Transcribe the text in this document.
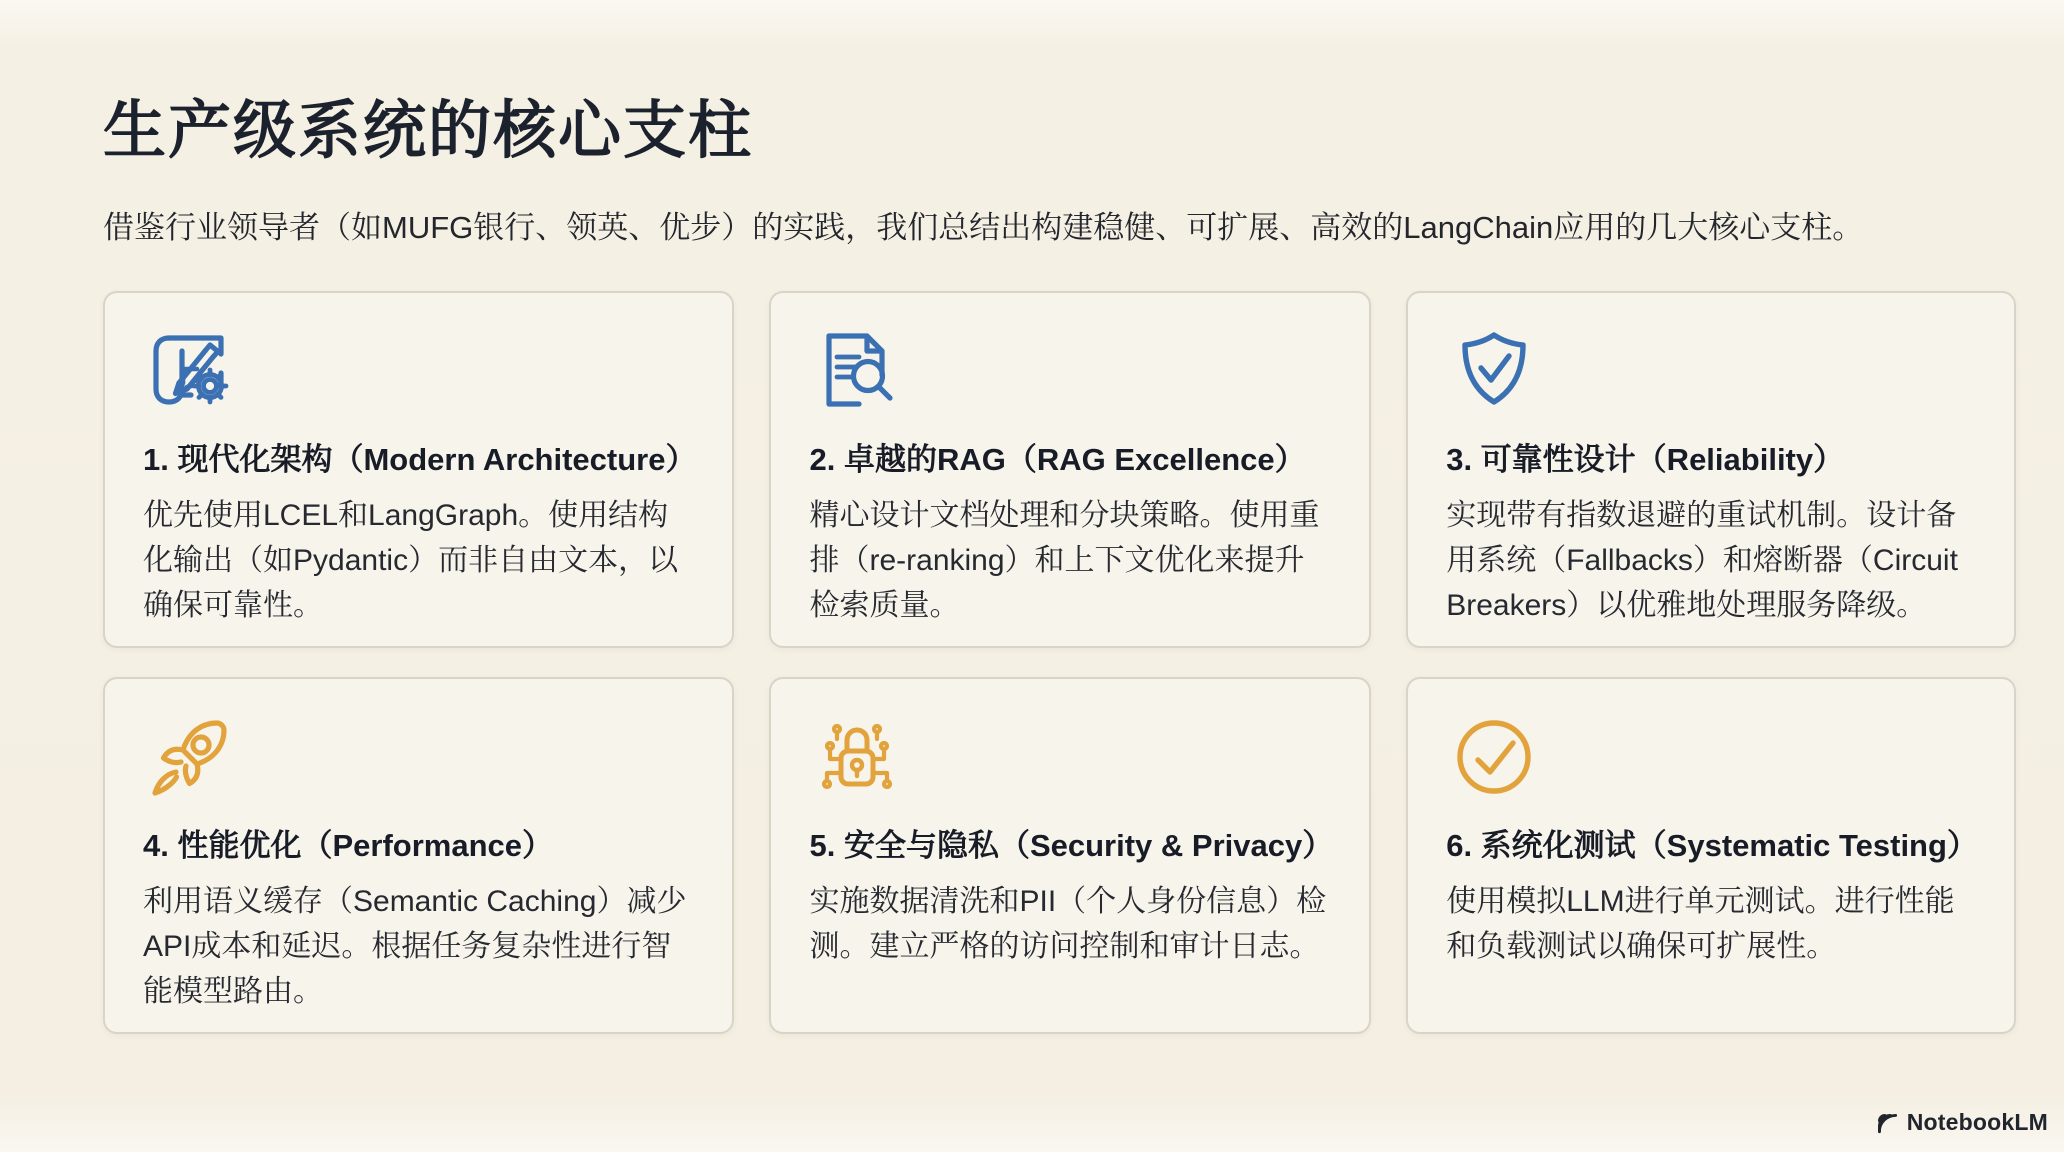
生产级系统的核心支柱

借鉴行业领导者（如MUFG银行、领英、优步）的实践，我们总结出构建稳健、可扩展、高效的LangChain应用的几大核心支柱。

1. 现代化架构（Modern Architecture）
优先使用LCEL和LangGraph。使用结构化输出（如Pydantic）而非自由文本，以确保可靠性。
2. 卓越的RAG（RAG Excellence）
精心设计文档处理和分块策略。使用重排（re-ranking）和上下文优化来提升检索质量。
3. 可靠性设计（Reliability）
实现带有指数退避的重试机制。设计备用系统（Fallbacks）和熔断器（Circuit Breakers）以优雅地处理服务降级。
4. 性能优化（Performance）
利用语义缓存（Semantic Caching）减少API成本和延迟。根据任务复杂性进行智能模型路由。
5. 安全与隐私（Security & Privacy）
实施数据清洗和PII（个人身份信息）检测。建立严格的访问控制和审计日志。
6. 系统化测试（Systematic Testing）
使用模拟LLM进行单元测试。进行性能和负载测试以确保可扩展性。
NotebookLM
